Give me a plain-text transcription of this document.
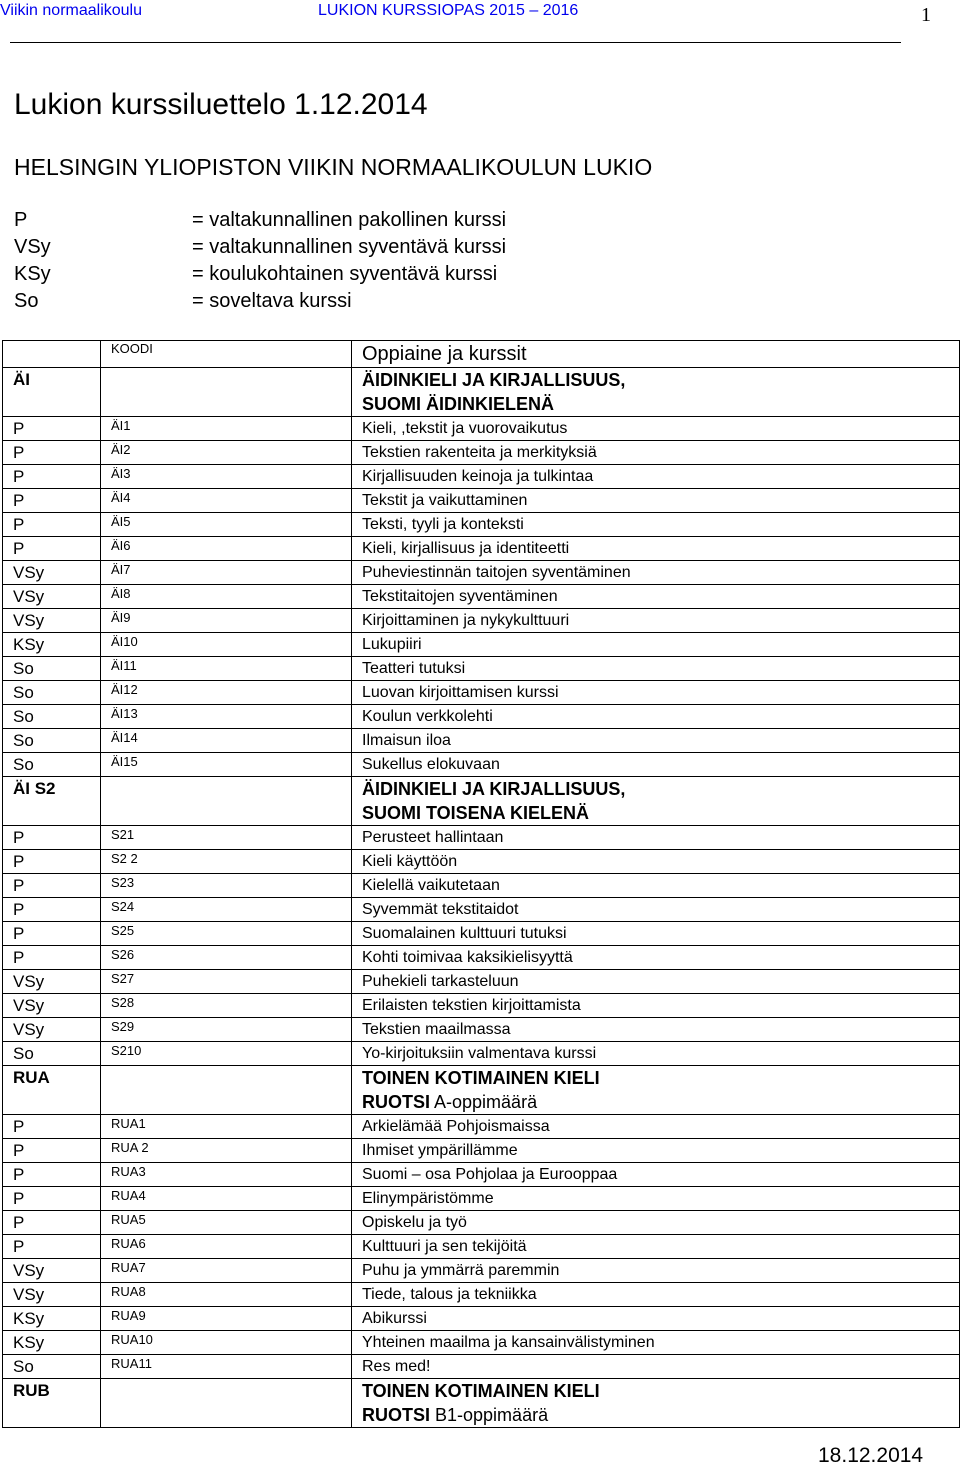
Viikin normaalikoulu	LUKION KURSSIOPAS 2015 – 2016	1
Lukion kurssiluettelo 1.12.2014
HELSINGIN YLIOPISTON VIIKIN NORMAALIKOULUN LUKIO
P	= valtakunnallinen pakollinen kurssi
VSy	= valtakunnallinen syventävä kurssi
KSy	= koulukohtainen syventävä kurssi
So	= soveltava kurssi
	KOODI	Oppiaine ja kurssit
ÄI		ÄIDINKIELI JA KIRJALLISUUS,
SUOMI ÄIDINKIELENÄ

P	ÄI1	Kieli, ,tekstit ja vuorovaikutus
P	ÄI2	Tekstien rakenteita ja merkityksiä
P	ÄI3	Kirjallisuuden keinoja ja tulkintaa
P	ÄI4	Tekstit ja vaikuttaminen
P	ÄI5	Teksti, tyyli ja konteksti
P	ÄI6	Kieli, kirjallisuus ja identiteetti
VSy	ÄI7	Puheviestinnän taitojen syventäminen
VSy	ÄI8	Tekstitaitojen syventäminen
VSy	ÄI9	Kirjoittaminen ja nykykulttuuri
KSy	ÄI10	Lukupiiri
So	ÄI11	Teatteri tutuksi
So	ÄI12	Luovan kirjoittamisen kurssi
So	ÄI13	Koulun verkkolehti
So	ÄI14	Ilmaisun iloa
So	ÄI15	Sukellus elokuvaan
ÄI S2		ÄIDINKIELI JA KIRJALLISUUS,
SUOMI TOISENA KIELENÄ

P	S21	Perusteet hallintaan
P	S2 2	Kieli käyttöön
P	S23	Kielellä vaikutetaan
P	S24	Syvemmät tekstitaidot
P	S25	Suomalainen kulttuuri tutuksi
P	S26	Kohti toimivaa kaksikielisyyttä
VSy	S27	Puhekieli tarkasteluun
VSy	S28	Erilaisten tekstien kirjoittamista
VSy	S29	Tekstien maailmassa
So	S210	Yo-kirjoituksiin valmentava kurssi
RUA		TOINEN KOTIMAINEN KIELI
RUOTSI A-oppimäärä

P	RUA1	Arkielämää Pohjoismaissa
P	RUA 2	Ihmiset ympärillämme
P	RUA3	Suomi – osa Pohjolaa ja Eurooppaa
P	RUA4	Elinympäristömme
P	RUA5	Opiskelu ja työ
P	RUA6	Kulttuuri ja sen tekijöitä
VSy	RUA7	Puhu ja ymmärrä paremmin
VSy	RUA8	Tiede, talous ja tekniikka
KSy	RUA9	Abikurssi
KSy	RUA10	Yhteinen maailma ja kansainvälistyminen
So	RUA11	Res med!
RUB		TOINEN KOTIMAINEN KIELI
RUOTSI B1-oppimäärä
18.12.2014
